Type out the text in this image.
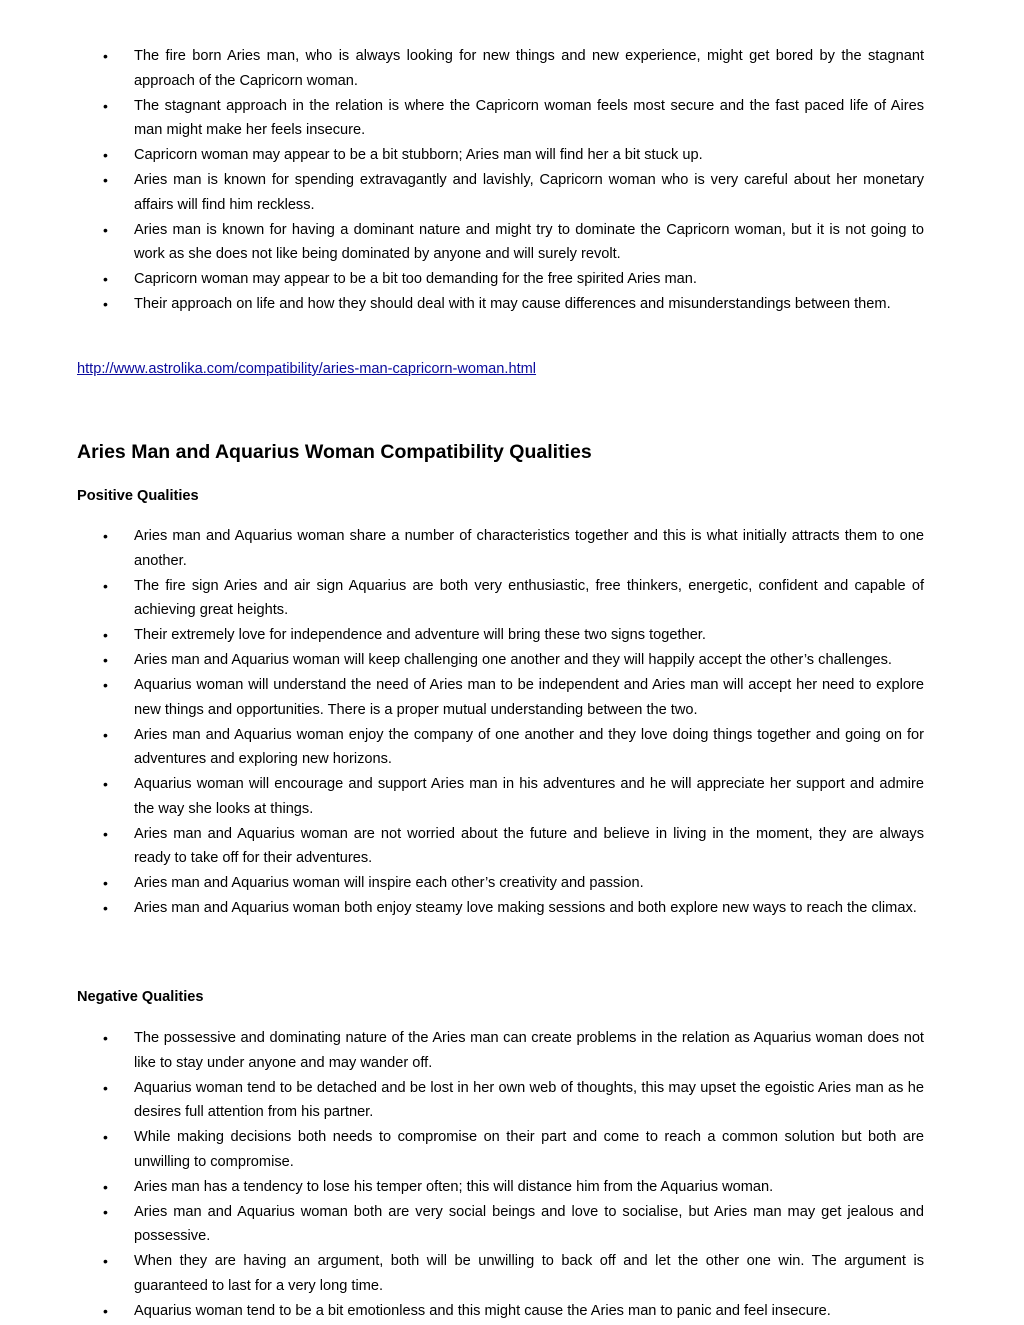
• The fire born Aries man, who is always looking for new things and new experience, might get bored by the stagnant approach of the Capricorn woman.
• The stagnant approach in the relation is where the Capricorn woman feels most secure and the fast paced life of Aires man might make her feels insecure.
• Capricorn woman may appear to be a bit stubborn; Aries man will find her a bit stuck up.
• Aries man is known for spending extravagantly and lavishly, Capricorn woman who is very careful about her monetary affairs will find him reckless.
• Aries man is known for having a dominant nature and might try to dominate the Capricorn woman, but it is not going to work as she does not like being dominated by anyone and will surely revolt.
• Capricorn woman may appear to be a bit too demanding for the free spirited Aries man.
• Their approach on life and how they should deal with it may cause differences and misunderstandings between them.
http://www.astrolika.com/compatibility/aries-man-capricorn-woman.html
Aries Man and Aquarius Woman Compatibility Qualities
Positive Qualities
• Aries man and Aquarius woman share a number of characteristics together and this is what initially attracts them to one another.
• The fire sign Aries and air sign Aquarius are both very enthusiastic, free thinkers, energetic, confident and capable of achieving great heights.
• Their extremely love for independence and adventure will bring these two signs together.
• Aries man and Aquarius woman will keep challenging one another and they will happily accept the other’s challenges.
• Aquarius woman will understand the need of Aries man to be independent and Aries man will accept her need to explore new things and opportunities. There is a proper mutual understanding between the two.
• Aries man and Aquarius woman enjoy the company of one another and they love doing things together and going on for adventures and exploring new horizons.
• Aquarius woman will encourage and support Aries man in his adventures and he will appreciate her support and admire the way she looks at things.
• Aries man and Aquarius woman are not worried about the future and believe in living in the moment, they are always ready to take off for their adventures.
• Aries man and Aquarius woman will inspire each other’s creativity and passion.
• Aries man and Aquarius woman both enjoy steamy love making sessions and both explore new ways to reach the climax.
Negative Qualities
• The possessive and dominating nature of the Aries man can create problems in the relation as Aquarius woman does not like to stay under anyone and may wander off.
• Aquarius woman tend to be detached and be lost in her own web of thoughts, this may upset the egoistic Aries man as he desires full attention from his partner.
• While making decisions both needs to compromise on their part and come to reach a common solution but both are unwilling to compromise.
• Aries man has a tendency to lose his temper often; this will distance him from the Aquarius woman.
• Aries man and Aquarius woman both are very social beings and love to socialise, but Aries man may get jealous and possessive.
• When they are having an argument, both will be unwilling to back off and let the other one win. The argument is guaranteed to last for a very long time.
• Aquarius woman tend to be a bit emotionless and this might cause the Aries man to panic and feel insecure.
